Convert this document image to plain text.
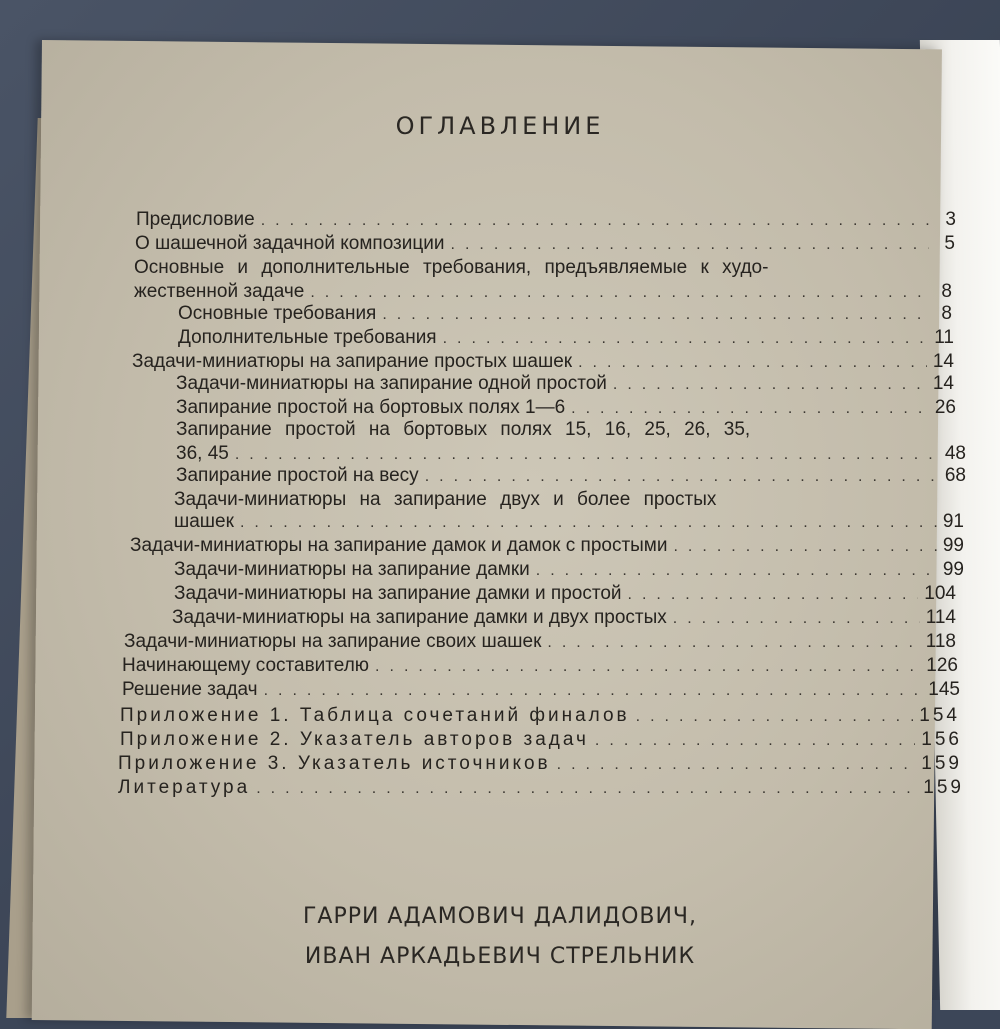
ОГЛАВЛЕНИЕ
Предисловие .....	3
О шашечной задачной композиции .....	5
Основные и дополнительные требования, предъявляемые к худо-
жественной задаче .....	8
Основные требования .....	8
Дополнительные требования .....	11
Задачи-миниатюры на запирание простых шашек .....	14
Задачи-миниатюры на запирание одной простой .....	14
Запирание простой на бортовых полях 1—6 .....	26
Запирание простой на бортовых полях 15, 16, 25, 26, 35,
36, 45 .....	48
Запирание простой на весу .....	68
Задачи-миниатюры на запирание двух и более простых
шашек .....	91
Задачи-миниатюры на запирание дамок и дамок с простыми .....	99
Задачи-миниатюры на запирание дамки .....	99
Задачи-миниатюры на запирание дамки и простой .....	104
Задачи-миниатюры на запирание дамки и двух простых .....	114
Задачи-миниатюры на запирание своих шашек .....	118
Начинающему составителю .....	126
Решение задач .....	145
Приложение 1. Таблица сочетаний финалов .....	154
Приложение 2. Указатель авторов задач .....	156
Приложение 3. Указатель источников .....	159
Литература .....	159
ГАРРИ АДАМОВИЧ ДАЛИДОВИЧ,
ИВАН АРКАДЬЕВИЧ СТРЕЛЬНИК
